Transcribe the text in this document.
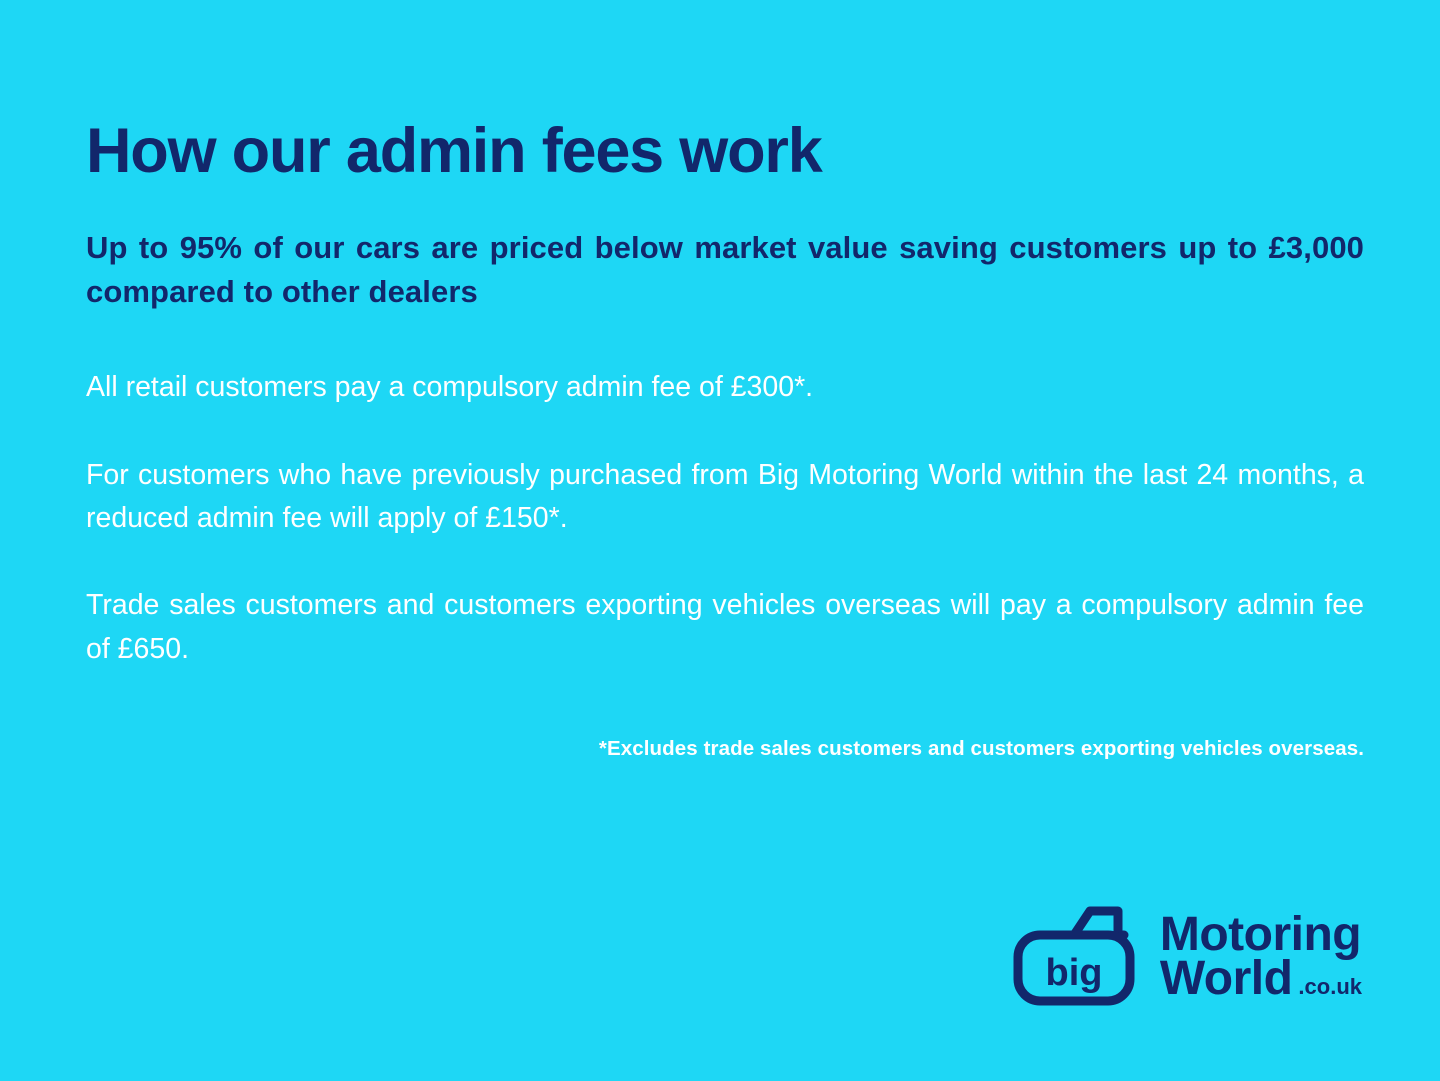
How our admin fees work
Up to 95% of our cars are priced below market value saving customers up to £3,000 compared to other dealers

All retail customers pay a compulsory admin fee of £300*.

For customers who have previously purchased from Big Motoring World within the last 24 months, a reduced admin fee will apply of £150*.

Trade sales customers and customers exporting vehicles overseas will pay a compulsory admin fee of £650.

*Excludes trade sales customers and customers exporting vehicles overseas.
big
Motoring
World .co.uk
